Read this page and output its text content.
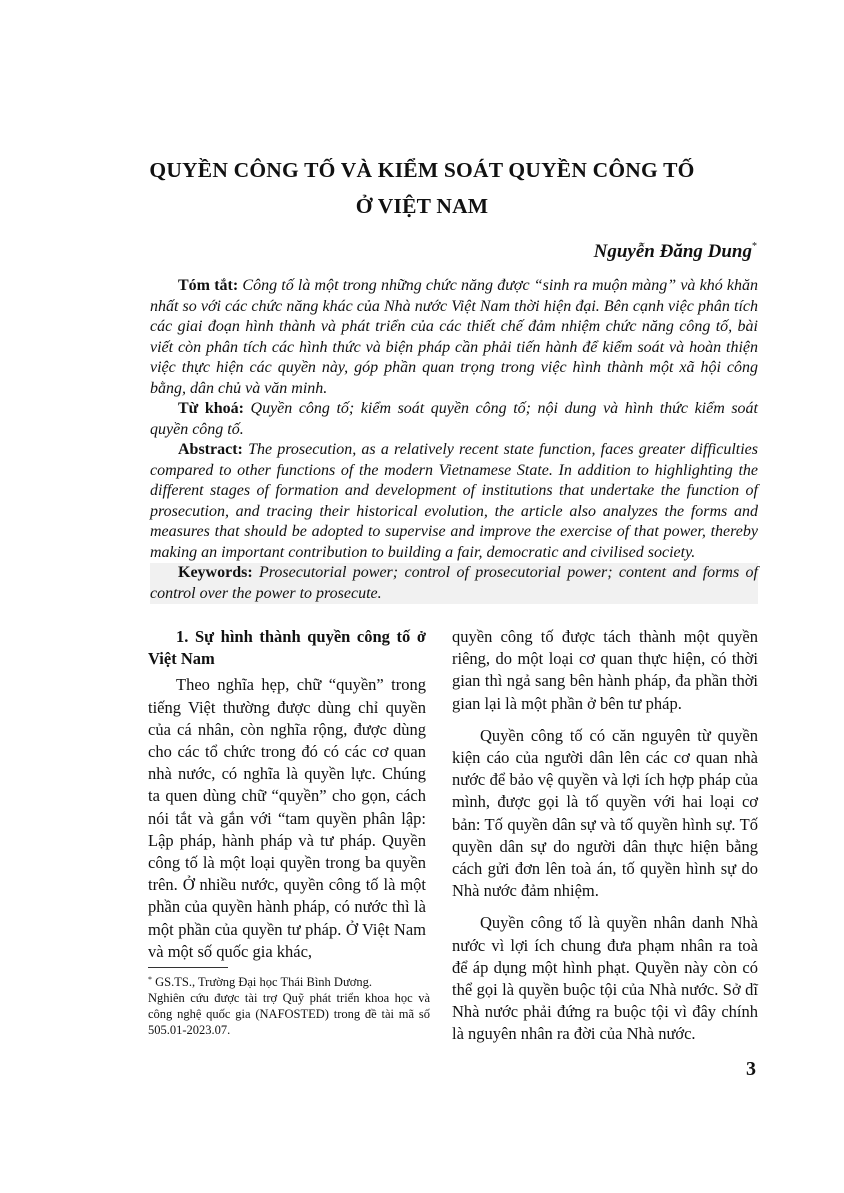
QUYỀN CÔNG TỐ VÀ KIỂM SOÁT QUYỀN CÔNG TỐ
Ở VIỆT NAM
Nguyễn Đăng Dung*

Tóm tắt: Công tố là một trong những chức năng được “sinh ra muộn màng” và khó khăn nhất so với các chức năng khác của Nhà nước Việt Nam thời hiện đại. Bên cạnh việc phân tích các giai đoạn hình thành và phát triển của các thiết chế đảm nhiệm chức năng công tố, bài viết còn phân tích các hình thức và biện pháp cần phải tiến hành để kiểm soát và hoàn thiện việc thực hiện các quyền này, góp phần quan trọng trong việc hình thành một xã hội công bằng, dân chủ và văn minh.

Từ khoá: Quyền công tố; kiểm soát quyền công tố; nội dung và hình thức kiểm soát quyền công tố.

Abstract: The prosecution, as a relatively recent state function, faces greater difficulties compared to other functions of the modern Vietnamese State. In addition to highlighting the different stages of formation and development of institutions that undertake the function of prosecution, and tracing their historical evolution, the article also analyzes the forms and measures that should be adopted to supervise and improve the exercise of that power, thereby making an important contribution to building a fair, democratic and civilised society.

Keywords: Prosecutorial power; control of prosecutorial power; content and forms of control over the power to prosecute.

1. Sự hình thành quyền công tố ở Việt Nam

Theo nghĩa hẹp, chữ “quyền” trong tiếng Việt thường được dùng chỉ quyền của cá nhân, còn nghĩa rộng, được dùng cho các tổ chức trong đó có các cơ quan nhà nước, có nghĩa là quyền lực. Chúng ta quen dùng chữ “quyền” cho gọn, cách nói tắt và gắn với “tam quyền phân lập: Lập pháp, hành pháp và tư pháp. Quyền công tố là một loại quyền trong ba quyền trên. Ở nhiều nước, quyền công tố là một phần của quyền hành pháp, có nước thì là một phần của quyền tư pháp. Ở Việt Nam và một số quốc gia khác,

quyền công tố được tách thành một quyền riêng, do một loại cơ quan thực hiện, có thời gian thì ngả sang bên hành pháp, đa phần thời gian lại là một phần ở bên tư pháp.

Quyền công tố có căn nguyên từ quyền kiện cáo của người dân lên các cơ quan nhà nước để bảo vệ quyền và lợi ích hợp pháp của mình, được gọi là tố quyền với hai loại cơ bản: Tố quyền dân sự và tố quyền hình sự. Tố quyền dân sự do người dân thực hiện bằng cách gửi đơn lên toà án, tố quyền hình sự do Nhà nước đảm nhiệm.

Quyền công tố là quyền nhân danh Nhà nước vì lợi ích chung đưa phạm nhân ra toà để áp dụng một hình phạt. Quyền này còn có thể gọi là quyền buộc tội của Nhà nước. Sở dĩ Nhà nước phải đứng ra buộc tội vì đây chính là nguyên nhân ra đời của Nhà nước.

* GS.TS., Trường Đại học Thái Bình Dương.

Nghiên cứu được tài trợ Quỹ phát triển khoa học và công nghệ quốc gia (NAFOSTED) trong đề tài mã số 505.01-2023.07.

3
